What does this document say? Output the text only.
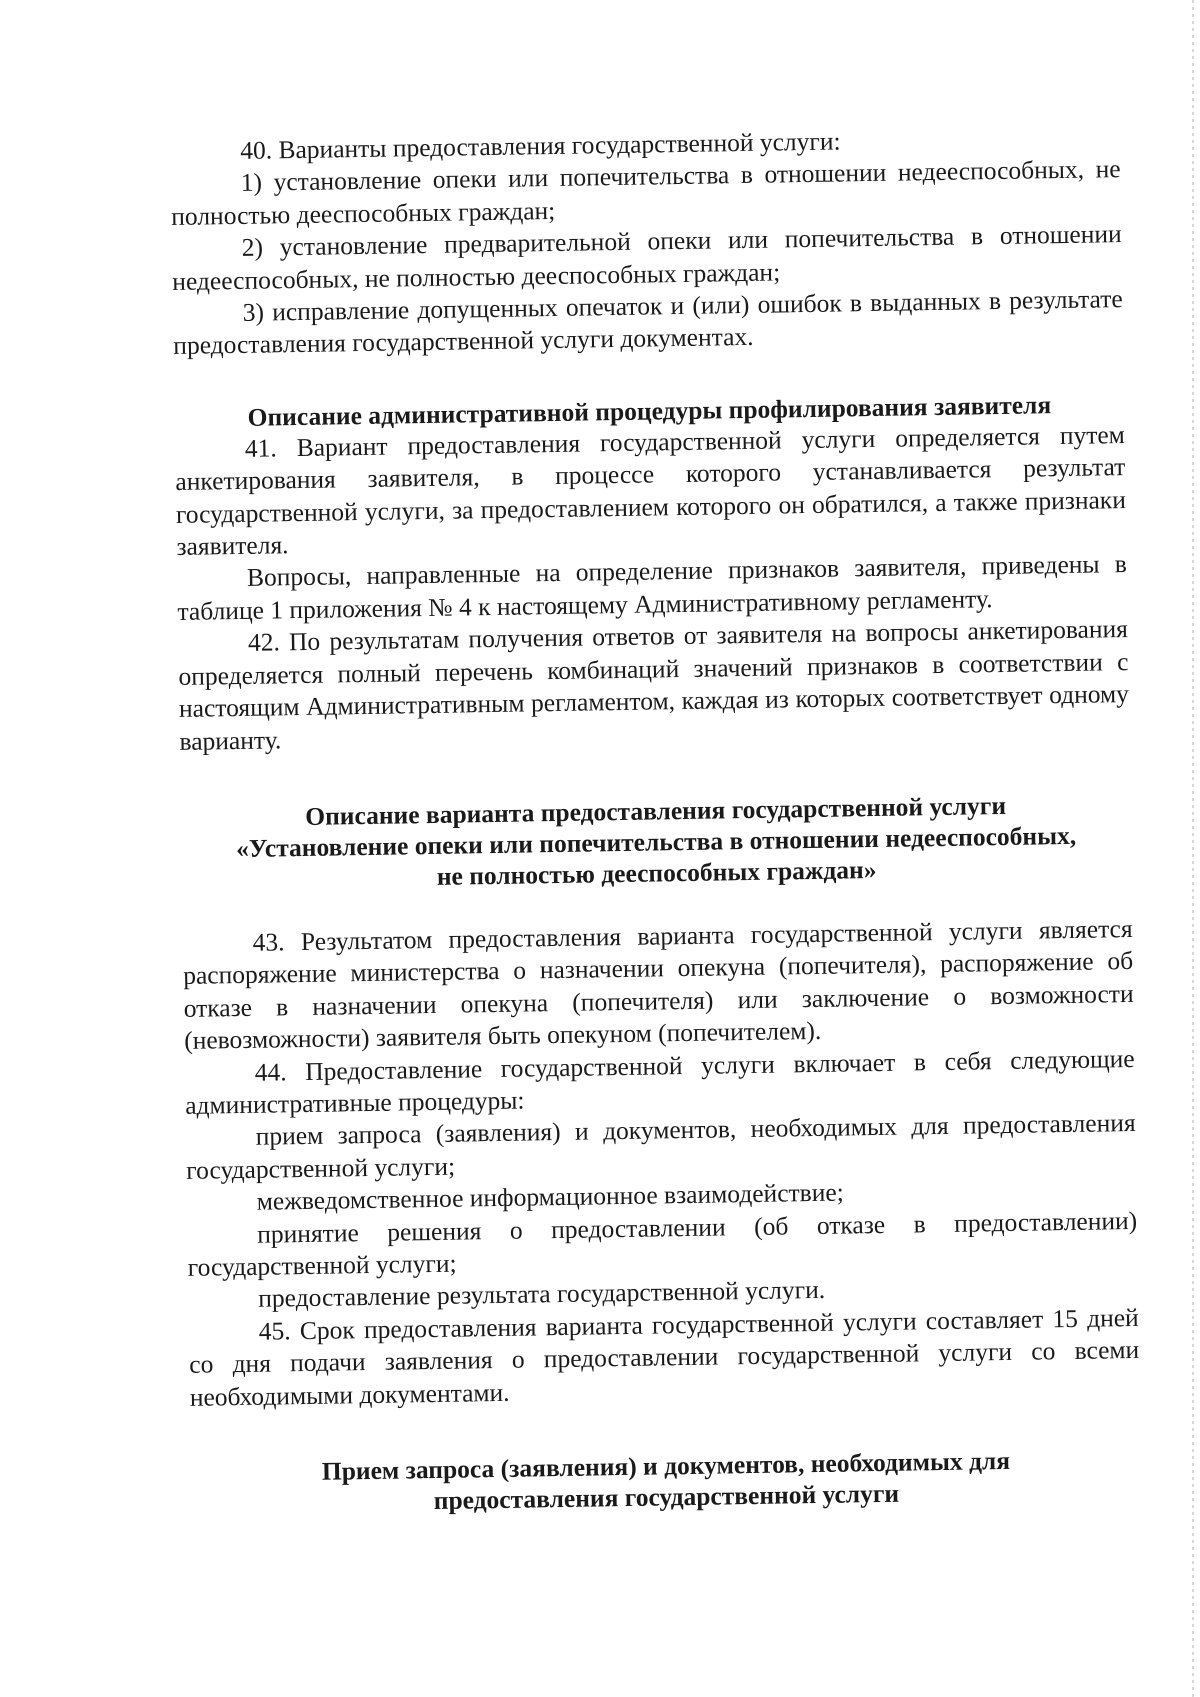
40. Варианты предоставления государственной услуги:

1) установление опеки или попечительства в отношении недееспособных, не полностью дееспособных граждан;

2) установление предварительной опеки или попечительства в отношении недееспособных, не полностью дееспособных граждан;

3) исправление допущенных опечаток и (или) ошибок в выданных в результате предоставления государственной услуги документах.

Описание административной процедуры профилирования заявителя

41. Вариант предоставления государственной услуги определяется путем анкетирования заявителя, в процессе которого устанавливается результат государственной услуги, за предоставлением которого он обратился, а также признаки заявителя.

Вопросы, направленные на определение признаков заявителя, приведены в таблице 1 приложения № 4 к настоящему Административному регламенту.

42. По результатам получения ответов от заявителя на вопросы анкетирования определяется полный перечень комбинаций значений признаков в соответствии с настоящим Административным регламентом, каждая из которых соответствует одному варианту.

Описание варианта предоставления государственной услуги

«Установление опеки или попечительства в отношении недееспособных,

не полностью дееспособных граждан»

43. Результатом предоставления варианта государственной услуги является распоряжение министерства о назначении опекуна (попечителя), распоряжение об отказе в назначении опекуна (попечителя) или заключение о возможности (невозможности) заявителя быть опекуном (попечителем).

44. Предоставление государственной услуги включает в себя следующие административные процедуры:

прием запроса (заявления) и документов, необходимых для предоставления государственной услуги;

межведомственное информационное взаимодействие;

принятие решения о предоставлении (об отказе в предоставлении) государственной услуги;

предоставление результата государственной услуги.

45. Срок предоставления варианта государственной услуги составляет 15 дней со дня подачи заявления о предоставлении государственной услуги со всеми необходимыми документами.

Прием запроса (заявления) и документов, необходимых для

предоставления государственной услуги
